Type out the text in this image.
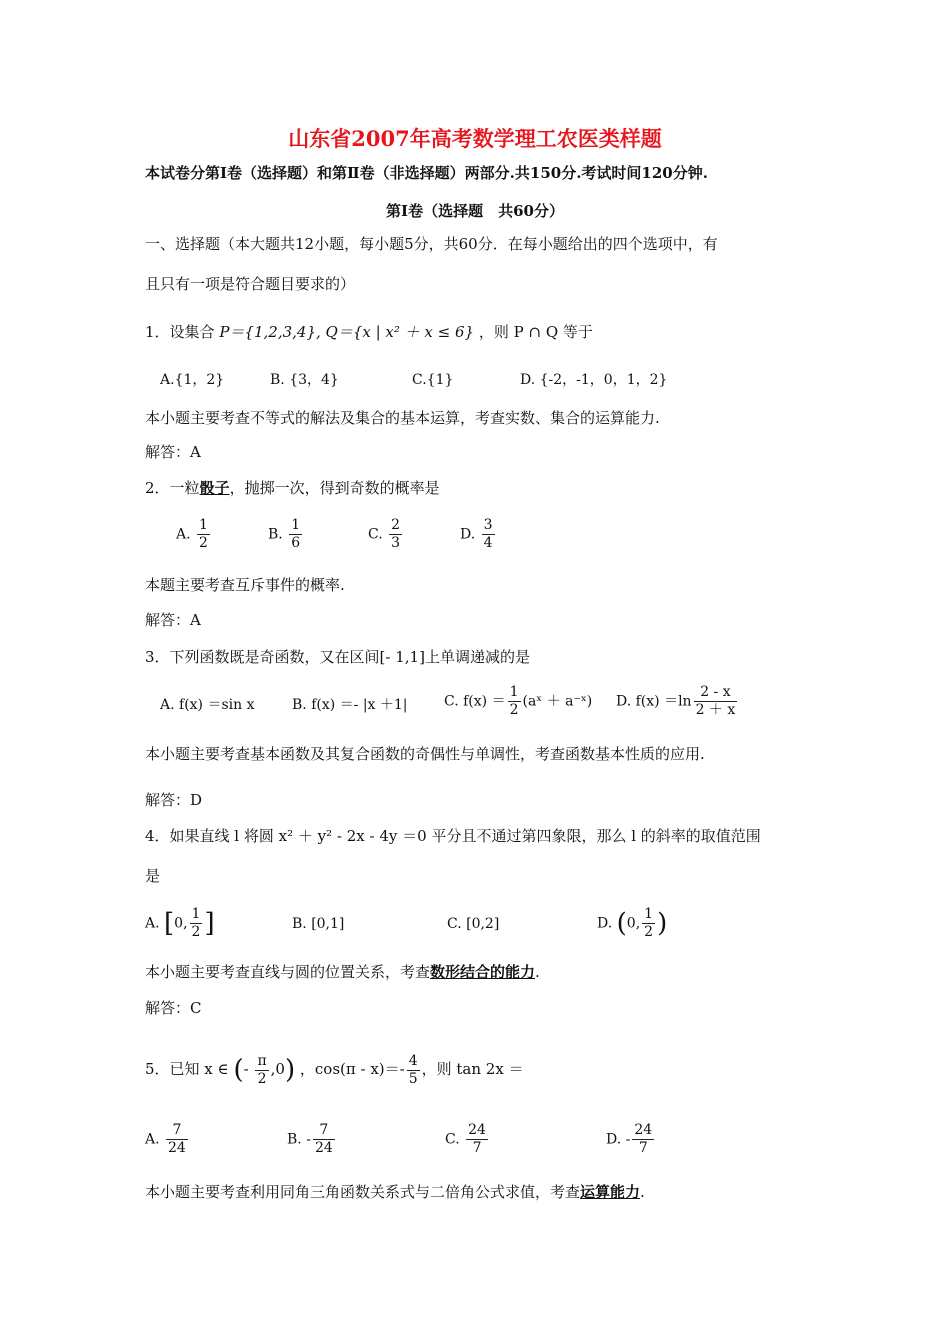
山东省2007年高考数学理工农医类样题
本试卷分第Ⅰ卷（选择题）和第Ⅱ卷（非选择题）两部分.共150分.考试时间120分钟.
第Ⅰ卷（选择题　共60分）
一、选择题（本大题共12小题，每小题5分，共60分．在每小题给出的四个选项中，有
且只有一项是符合题目要求的）
1．设集合 P＝{1,2,3,4}, Q＝{x | x² ＋ x ≤ 6} ，则 P ∩ Q 等于
A.{1，2}	B. {3，4}	C.{1}	D. {-2，-1，0，1，2}
本小题主要考查不等式的解法及集合的基本运算，考查实数、集合的运算能力.
解答：A
2．一粒骰子，抛掷一次，得到奇数的概率是
A. $\frac{1}{2}$	B. $\frac{1}{6}$	C. $\frac{2}{3}$	D. $\frac{3}{4}$
本题主要考查互斥事件的概率.
解答：A
3．下列函数既是奇函数，又在区间[- 1,1]上单调递减的是
A. f(x) ＝sin x	B. f(x) ＝- |x ＋1|	C. $f(x) = \frac{1}{2}$ (aˣ ＋ a⁻ˣ) D. $f(x) =\ln \frac{2 - x}{2 + x}$
本小题主要考查基本函数及其复合函数的奇偶性与单调性，考查函数基本性质的应用.
解答：D
4．如果直线 l 将圆 x² ＋ y² - 2x - 4y ＝0 平分且不通过第四象限，那么 l 的斜率的取值范围
是
A. [0, $\frac{1}{2}$ ]	B. [0,1]	C. [0,2]	D. (0, $\frac{1}{2}$ )
本小题主要考查直线与圆的位置关系，考查数形结合的能力.
解答：C
5．已知 x ∈ (- $\frac{\pi}{2} ,0$) ，$\cos(\pi - x)=- \frac{4}{5}$ ，则 tan 2x ＝
A. $\frac{7}{24}$	B. - $\frac{7}{24}$	C. $\frac{24}{7}$	D. - $\frac{24}{7}$
本小题主要考查利用同角三角函数关系式与二倍角公式求值，考查运算能力.
